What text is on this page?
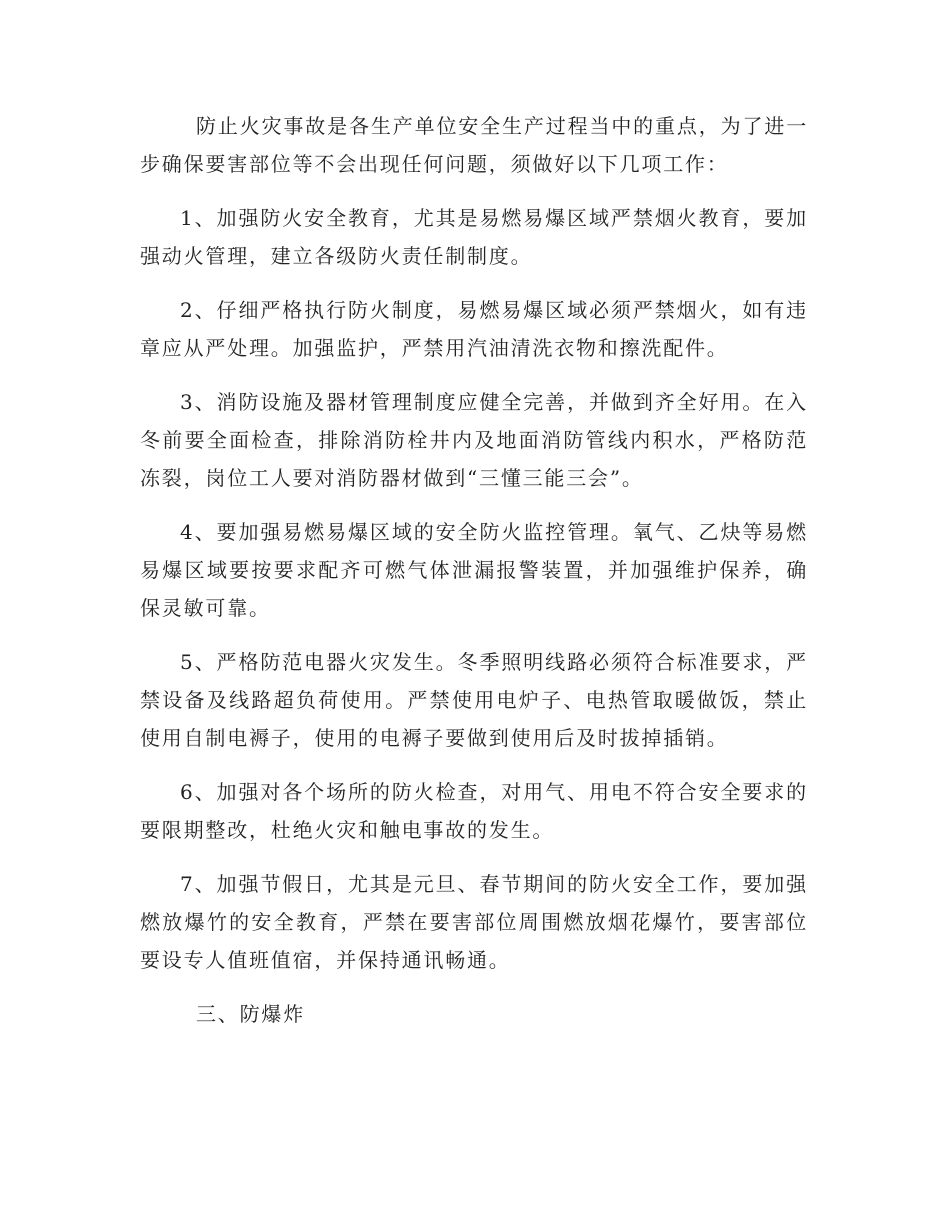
防止火灾事故是各生产单位安全生产过程当中的重点，为了进一步确保要害部位等不会出现任何问题，须做好以下几项工作：

1、加强防火安全教育，尤其是易燃易爆区域严禁烟火教育，要加强动火管理，建立各级防火责任制制度。

2、仔细严格执行防火制度，易燃易爆区域必须严禁烟火，如有违章应从严处理。加强监护，严禁用汽油清洗衣物和擦洗配件。

3、消防设施及器材管理制度应健全完善，并做到齐全好用。在入冬前要全面检查，排除消防栓井内及地面消防管线内积水，严格防范冻裂，岗位工人要对消防器材做到“三懂三能三会”。

4、要加强易燃易爆区域的安全防火监控管理。氧气、乙炔等易燃易爆区域要按要求配齐可燃气体泄漏报警装置，并加强维护保养，确保灵敏可靠。

5、严格防范电器火灾发生。冬季照明线路必须符合标准要求，严禁设备及线路超负荷使用。严禁使用电炉子、电热管取暖做饭，禁止使用自制电褥子，使用的电褥子要做到使用后及时拔掉插销。

6、加强对各个场所的防火检查，对用气、用电不符合安全要求的要限期整改，杜绝火灾和触电事故的发生。

7、加强节假日，尤其是元旦、春节期间的防火安全工作，要加强燃放爆竹的安全教育，严禁在要害部位周围燃放烟花爆竹，要害部位要设专人值班值宿，并保持通讯畅通。

三、防爆炸
